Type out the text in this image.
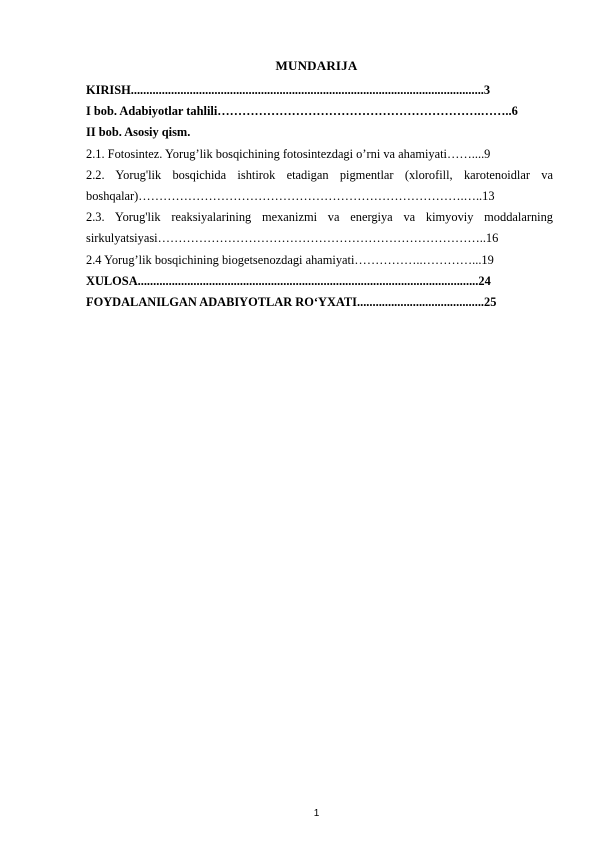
MUNDARIJA
KIRISH..................................................................................................................3
I bob. Adabiyotlar tahlili……………………………………………………….……..6
II bob. Asosiy qism.
2.1. Fotosintez. Yorug’lik bosqichining fotosintezdagi o’rni va ahamiyati……....9
2.2. Yorug'lik bosqichida ishtirok etadigan pigmentlar (xlorofill, karotenoidlar va
boshqalar)…………………………………………………………………….…..13
2.3. Yorug'lik reaksiyalarining mexanizmi va energiya va kimyoviy moddalarning
sirkulyatsiyasi……………………………………………………………………..16
2.4 Yorug’lik bosqichining biogetsenozdagi ahamiyati……………..…………...19
XULOSA..............................................................................................................24
FOYDALANILGAN ADABIYOTLAR RO‘YXATI.........................................25
1
